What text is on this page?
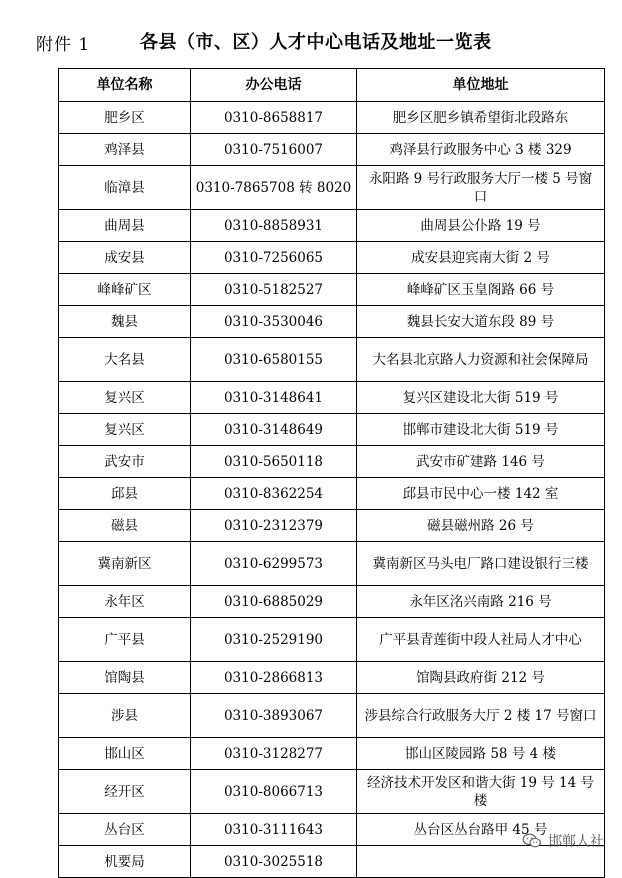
附件 1	各县（市、区）人才中心电话及地址一览表
单位名称	办公电话	单位地址
肥乡区	0310-8658817	肥乡区肥乡镇希望街北段路东
鸡泽县	0310-7516007	鸡泽县行政服务中心 3 楼 329
临漳县	0310-7865708 转 8020	永阳路 9 号行政服务大厅一楼 5 号窗口
曲周县	0310-8858931	曲周县公仆路 19 号
成安县	0310-7256065	成安县迎宾南大街 2 号
峰峰矿区	0310-5182527	峰峰矿区玉皇阁路 66 号
魏县	0310-3530046	魏县长安大道东段 89 号
大名县	0310-6580155	大名县北京路人力资源和社会保障局
复兴区	0310-3148641	复兴区建设北大街 519 号
复兴区	0310-3148649	邯郸市建设北大街 519 号
武安市	0310-5650118	武安市矿建路 146 号
邱县	0310-8362254	邱县市民中心一楼 142 室
磁县	0310-2312379	磁县磁州路 26 号
冀南新区	0310-6299573	冀南新区马头电厂路口建设银行三楼
永年区	0310-6885029	永年区洺兴南路 216 号
广平县	0310-2529190	广平县青莲街中段人社局人才中心
馆陶县	0310-2866813	馆陶县政府街 212 号
涉县	0310-3893067	涉县综合行政服务大厅 2 楼 17 号窗口
邯山区	0310-3128277	邯山区陵园路 58 号 4 楼
经开区	0310-8066713	经济技术开发区和谐大街 19 号 14 号楼
丛台区	0310-3111643	丛台区丛台路甲 45 号
机要局	0310-3025518	
邯郸人社
